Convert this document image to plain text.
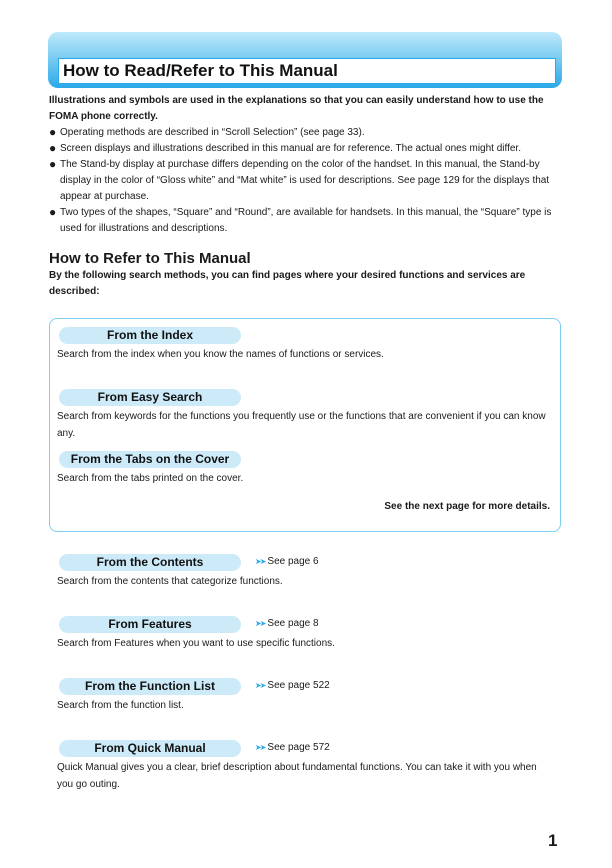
How to Read/Refer to This Manual
Illustrations and symbols are used in the explanations so that you can easily understand how to use the FOMA phone correctly.
● Operating methods are described in “Scroll Selection” (see page 33).
● Screen displays and illustrations described in this manual are for reference. The actual ones might differ.
● The Stand-by display at purchase differs depending on the color of the handset. In this manual, the Stand-by display in the color of “Gloss white” and “Mat white” is used for descriptions. See page 129 for the displays that appear at purchase.
● Two types of the shapes, “Square” and “Round”, are available for handsets. In this manual, the “Square” type is used for illustrations and descriptions.
How to Refer to This Manual
By the following search methods, you can find pages where your desired functions and services are described:
From the Index
Search from the index when you know the names of functions or services.
From Easy Search
Search from keywords for the functions you frequently use or the functions that are convenient if you can know any.
From the Tabs on the Cover
Search from the tabs printed on the cover.
See the next page for more details.
From the Contents	➤➤ See page 6
Search from the contents that categorize functions.
From Features	➤➤ See page 8
Search from Features when you want to use specific functions.
From the Function List	➤➤ See page 522
Search from the function list.
From Quick Manual	➤➤ See page 572
Quick Manual gives you a clear, brief description about fundamental functions. You can take it with you when you go outing.
1
